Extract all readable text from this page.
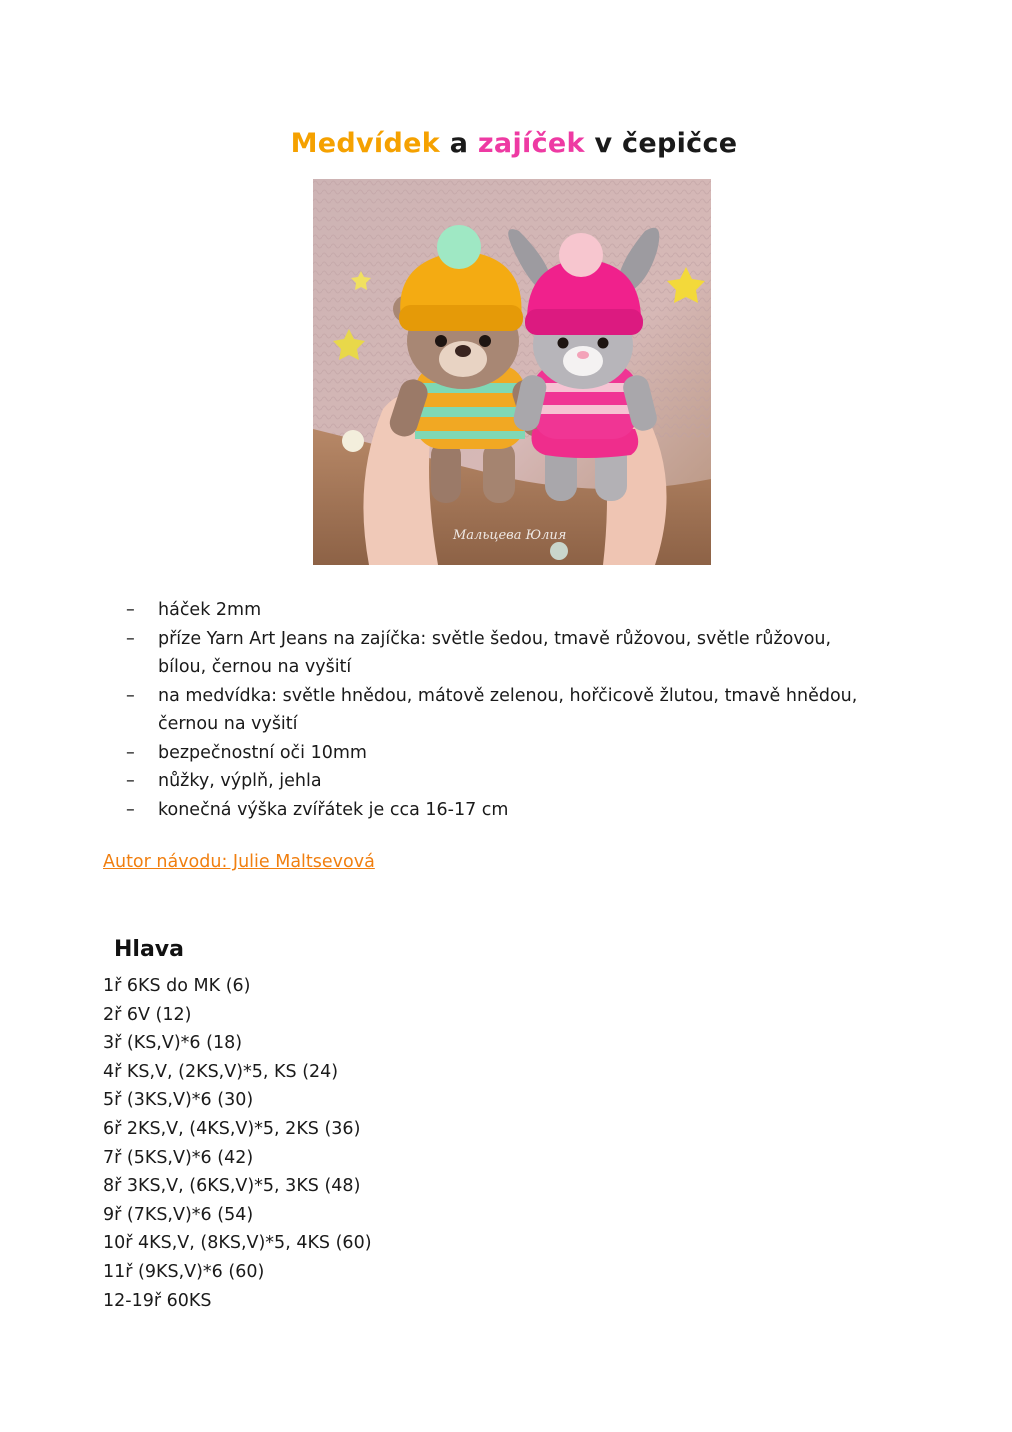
Medvídek a zajíček v čepičce
Мальцева Юлия
– háček 2mm
– příze Yarn Art Jeans na zajíčka: světle šedou, tmavě růžovou, světle růžovou,
bílou, černou na vyšití
– na medvídka: světle hnědou, mátově zelenou, hořčicově žlutou, tmavě hnědou,
černou na vyšití
– bezpečnostní oči 10mm
– nůžky, výplň, jehla
– konečná výška zvířátek je cca 16-17 cm
Autor návodu: Julie Maltsevová
Hlava
1ř 6KS do MK (6)
2ř 6V (12)
3ř (KS,V)*6 (18)
4ř KS,V, (2KS,V)*5, KS (24)
5ř (3KS,V)*6 (30)
6ř 2KS,V, (4KS,V)*5, 2KS (36)
7ř (5KS,V)*6 (42)
8ř 3KS,V, (6KS,V)*5, 3KS (48)
9ř (7KS,V)*6 (54)
10ř 4KS,V, (8KS,V)*5, 4KS (60)
11ř (9KS,V)*6 (60)
12-19ř 60KS
